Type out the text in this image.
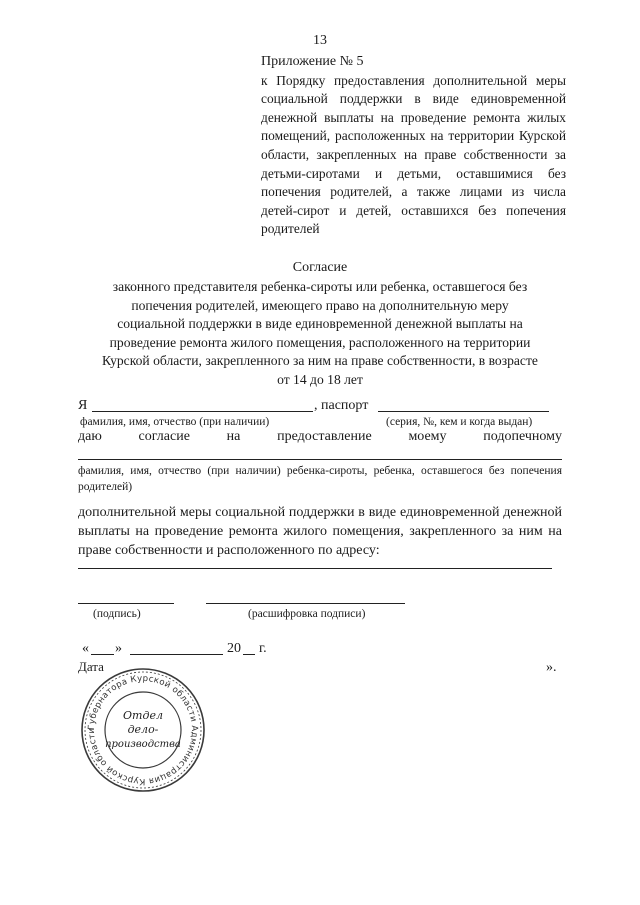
13
Приложение № 5
к Порядку предоставления дополнительной меры социальной поддержки в виде единовременной денежной выплаты на проведение ремонта жилых помещений, расположенных на территории Курской области, закрепленных на праве собственности за детьми-сиротами и детьми, оставшимися без попечения родителей, а также лицами из числа детей-сирот и детей, оставшихся без попечения родителей
Согласие
законного представителя ребенка-сироты или ребенка, оставшегося без
попечения родителей, имеющего право на дополнительную меру
социальной поддержки в виде единовременной денежной выплаты на
проведение ремонта жилого помещения, расположенного на территории
Курской области, закрепленного за ним на праве собственности, в возрасте
от 14 до 18 лет
Я	, паспорт
фамилия, имя, отчество (при наличии)	(серия, №, кем и когда выдан)
даю	согласие	на	предоставление	моему	подопечному
фамилия, имя, отчество (при наличии) ребенка-сироты, ребенка, оставшегося без попечения родителей)
дополнительной меры социальной поддержки в виде единовременной денежной выплаты на проведение ремонта жилого помещения, закрепленного за ним на праве собственности и расположенного по адресу:
(подпись)	(расшифровка подписи)
« »	20 г.
Дата	».
Губернатора Курской области Администрация Курской области
Отдел
дело-
производства
